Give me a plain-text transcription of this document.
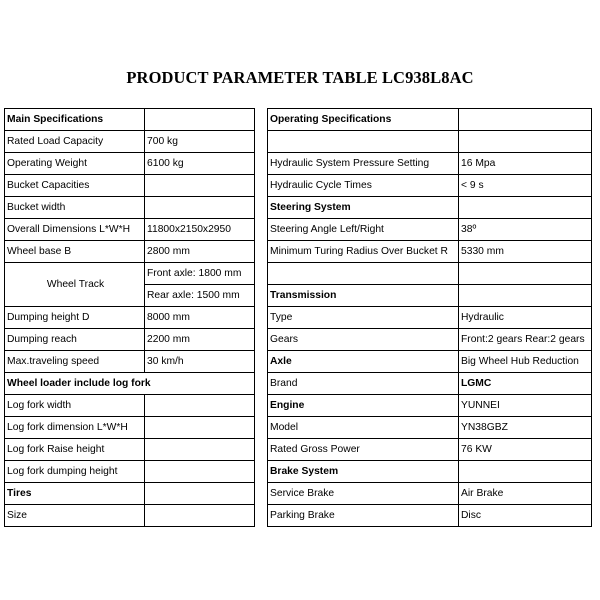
PRODUCT PARAMETER TABLE LC938L8AC
Main Specifications	
Rated Load Capacity	700 kg
Operating Weight	6100 kg
Bucket Capacities	
Bucket width	
Overall Dimensions L*W*H	11800x2150x2950
Wheel base B	2800 mm
Wheel Track	Front axle: 1800 mm
	Rear axle: 1500 mm
Dumping height D	8000 mm
Dumping reach	2200 mm
Max.traveling speed	30 km/h
Wheel loader include log fork	
Log fork width	
Log fork dimension L*W*H	
Log fork Raise height	
Log fork dumping height	
Tires	
Size	
Operating Specifications	

Hydraulic System Pressure Setting	16 Mpa
Hydraulic Cycle Times	< 9 s
Steering System	
Steering Angle Left/Right	38º
Minimum Turing Radius Over Bucket R	5330 mm

Transmission	
Type	Hydraulic
Gears	Front:2 gears Rear:2 gears
Axle	Big Wheel Hub Reduction
Brand	LGMC
Engine	YUNNEI
Model	YN38GBZ
Rated Gross Power	76 KW
Brake System	
Service Brake	Air Brake
Parking Brake	Disc
